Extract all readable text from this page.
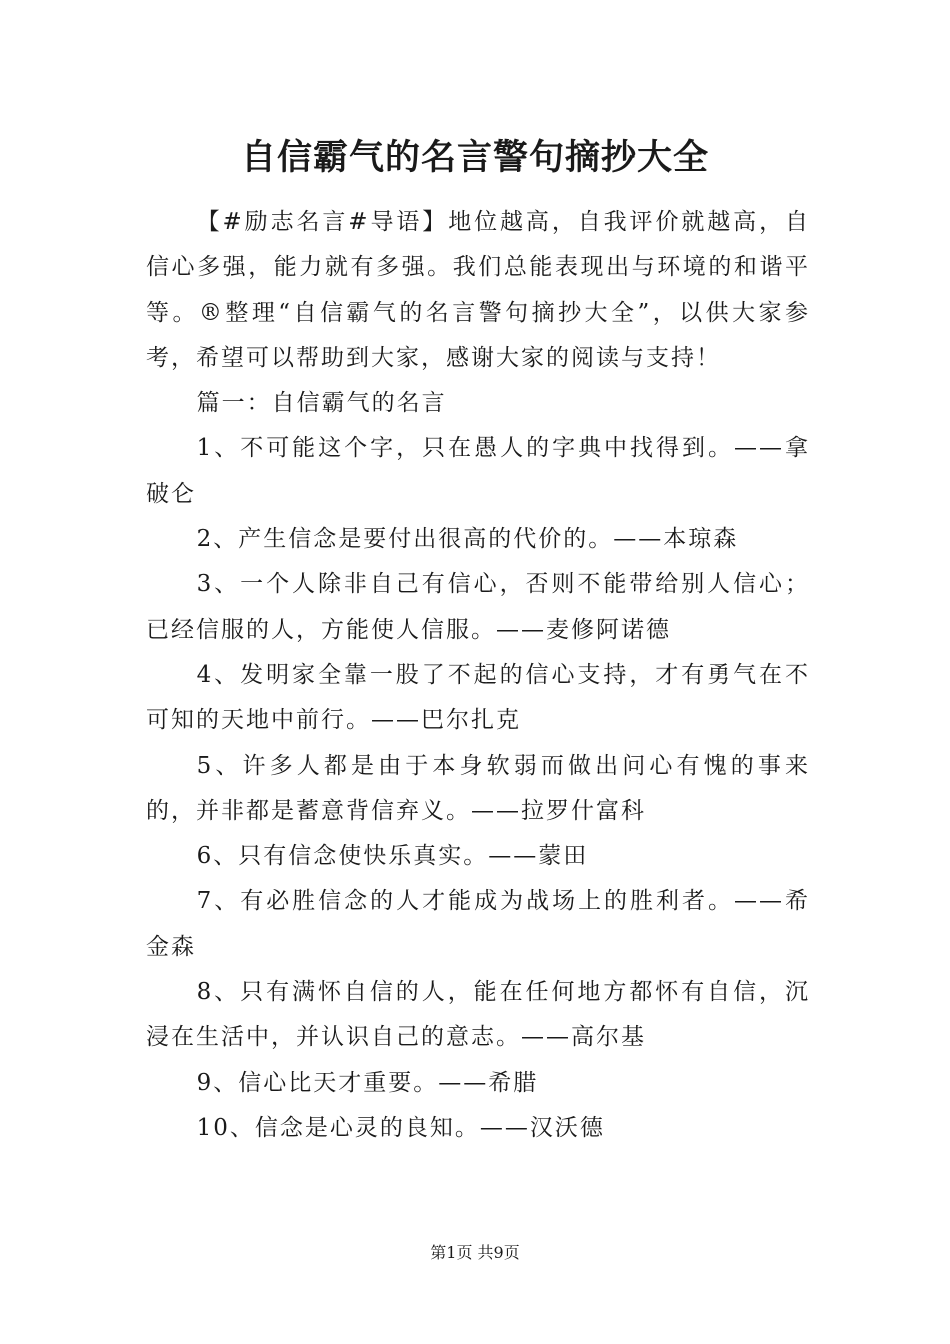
自信霸气的名言警句摘抄大全

【#励志名言#导语】地位越高，自我评价就越高，自信心多强，能力就有多强。我们总能表现出与环境的和谐平等。®整理“自信霸气的名言警句摘抄大全”，以供大家参考，希望可以帮助到大家，感谢大家的阅读与支持！

篇一：自信霸气的名言

1、不可能这个字，只在愚人的字典中找得到。——拿破仑

2、产生信念是要付出很高的代价的。——本琼森

3、一个人除非自己有信心，否则不能带给别人信心；已经信服的人，方能使人信服。——麦修阿诺德

4、发明家全靠一股了不起的信心支持，才有勇气在不可知的天地中前行。——巴尔扎克

5、许多人都是由于本身软弱而做出问心有愧的事来的，并非都是蓄意背信弃义。——拉罗什富科

6、只有信念使快乐真实。——蒙田

7、有必胜信念的人才能成为战场上的胜利者。——希金森

8、只有满怀自信的人，能在任何地方都怀有自信，沉浸在生活中，并认识自己的意志。——高尔基

9、信心比天才重要。——希腊

10、信念是心灵的良知。——汉沃德

第1页 共9页
